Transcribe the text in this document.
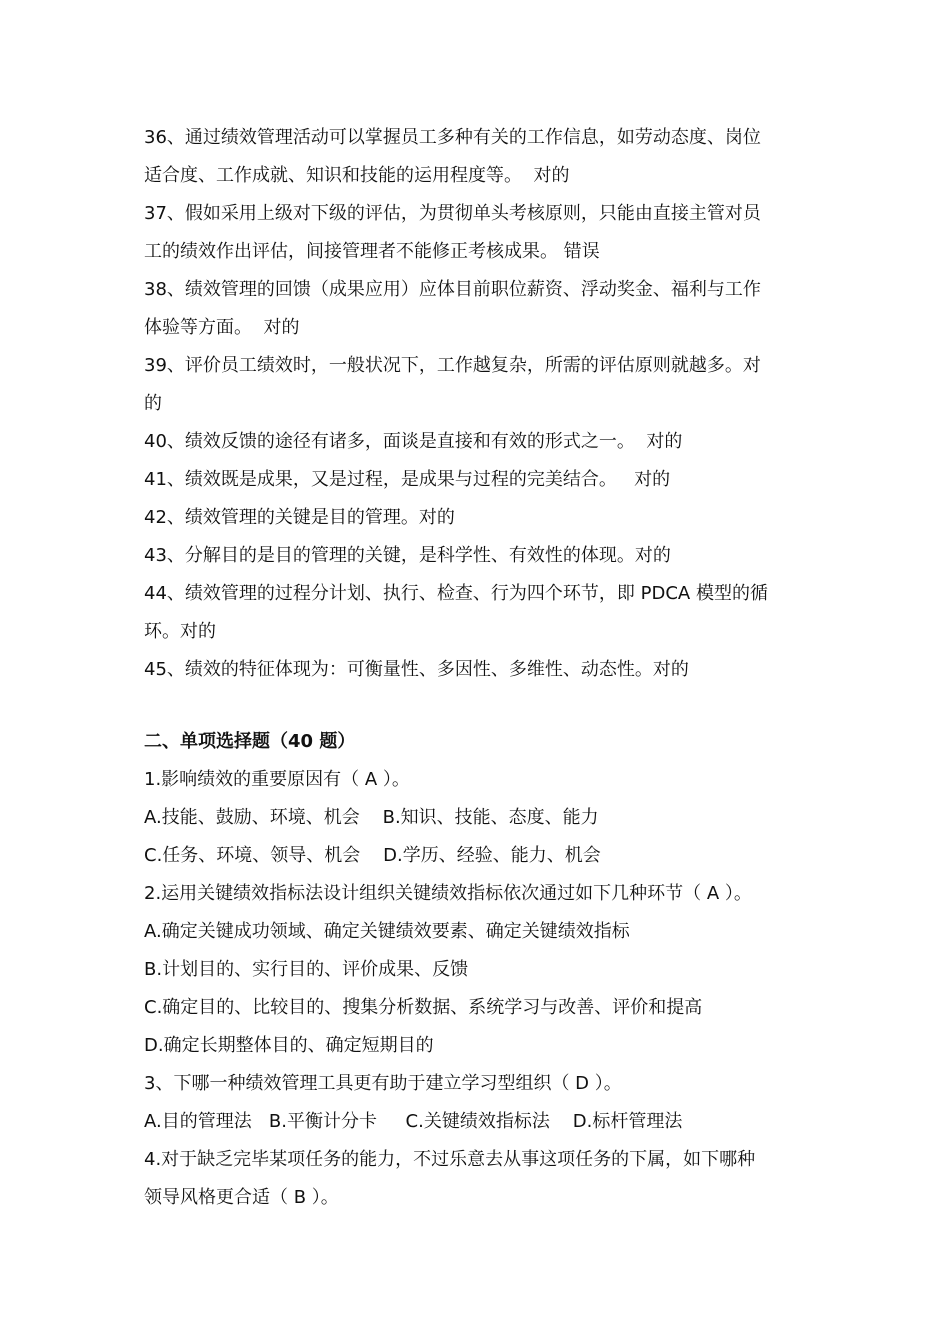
36、通过绩效管理活动可以掌握员工多种有关的工作信息，如劳动态度、岗位
适合度、工作成就、知识和技能的运用程度等。  对的
37、假如采用上级对下级的评估，为贯彻单头考核原则，只能由直接主管对员
工的绩效作出评估，间接管理者不能修正考核成果。 错误
38、绩效管理的回馈（成果应用）应体目前职位薪资、浮动奖金、福利与工作
体验等方面。  对的
39、评价员工绩效时，一般状况下，工作越复杂，所需的评估原则就越多。对
的
40、绩效反馈的途径有诸多，面谈是直接和有效的形式之一。  对的
41、绩效既是成果，又是过程，是成果与过程的完美结合。   对的
42、绩效管理的关键是目的管理。对的
43、分解目的是目的管理的关键，是科学性、有效性的体现。对的
44、绩效管理的过程分计划、执行、检查、行为四个环节，即 PDCA 模型的循
环。对的
45、绩效的特征体现为：可衡量性、多因性、多维性、动态性。对的
二、单项选择题（40 题）
1.影响绩效的重要原因有（ A ）。
A.技能、鼓励、环境、机会    B.知识、技能、态度、能力
C.任务、环境、领导、机会    D.学历、经验、能力、机会
2.运用关键绩效指标法设计组织关键绩效指标依次通过如下几种环节（ A ）。
A.确定关键成功领域、确定关键绩效要素、确定关键绩效指标
B.计划目的、实行目的、评价成果、反馈
C.确定目的、比较目的、搜集分析数据、系统学习与改善、评价和提高
D.确定长期整体目的、确定短期目的
3、下哪一种绩效管理工具更有助于建立学习型组织（ D ）。
A.目的管理法   B.平衡计分卡     C.关键绩效指标法    D.标杆管理法
4.对于缺乏完毕某项任务的能力，不过乐意去从事这项任务的下属，如下哪种
领导风格更合适（ B ）。
